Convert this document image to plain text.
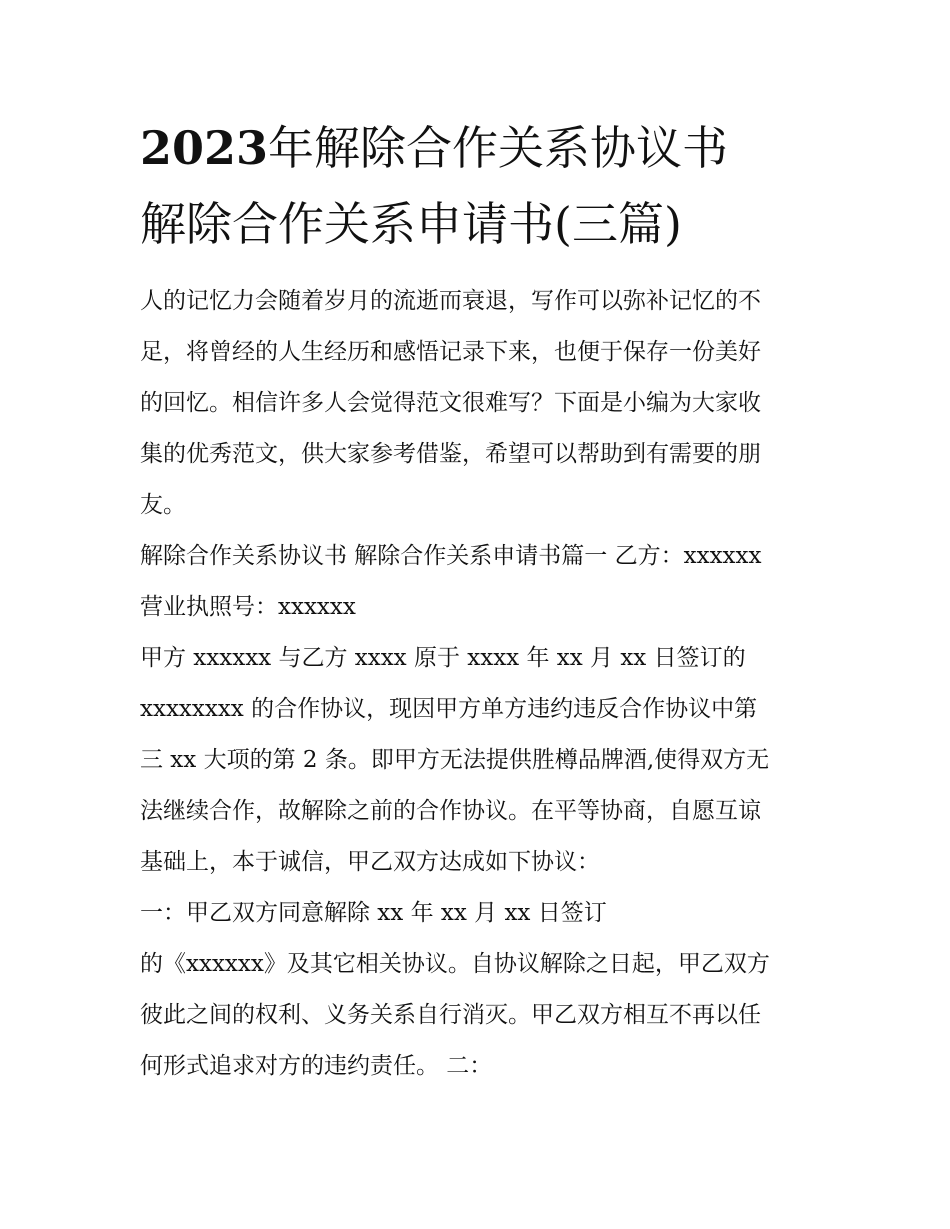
2023年解除合作关系协议书
解除合作关系申请书(三篇)
人的记忆力会随着岁月的流逝而衰退，写作可以弥补记忆的不
足，将曾经的人生经历和感悟记录下来，也便于保存一份美好
的回忆。相信许多人会觉得范文很难写？下面是小编为大家收
集的优秀范文，供大家参考借鉴，希望可以帮助到有需要的朋
友。
解除合作关系协议书 解除合作关系申请书篇一 乙方：xxxxxx
营业执照号：xxxxxx
甲方 xxxxxx 与乙方 xxxx 原于 xxxx 年 xx 月 xx 日签订的
xxxxxxxx 的合作协议，现因甲方单方违约违反合作协议中第
三 xx 大项的第 2 条。即甲方无法提供胜樽品牌酒,使得双方无
法继续合作，故解除之前的合作协议。在平等协商，自愿互谅
基础上，本于诚信，甲乙双方达成如下协议：
一：甲乙双方同意解除 xx 年 xx 月 xx 日签订
的《xxxxxx》及其它相关协议。自协议解除之日起，甲乙双方
彼此之间的权利、义务关系自行消灭。甲乙双方相互不再以任
何形式追求对方的违约责任。 二：
